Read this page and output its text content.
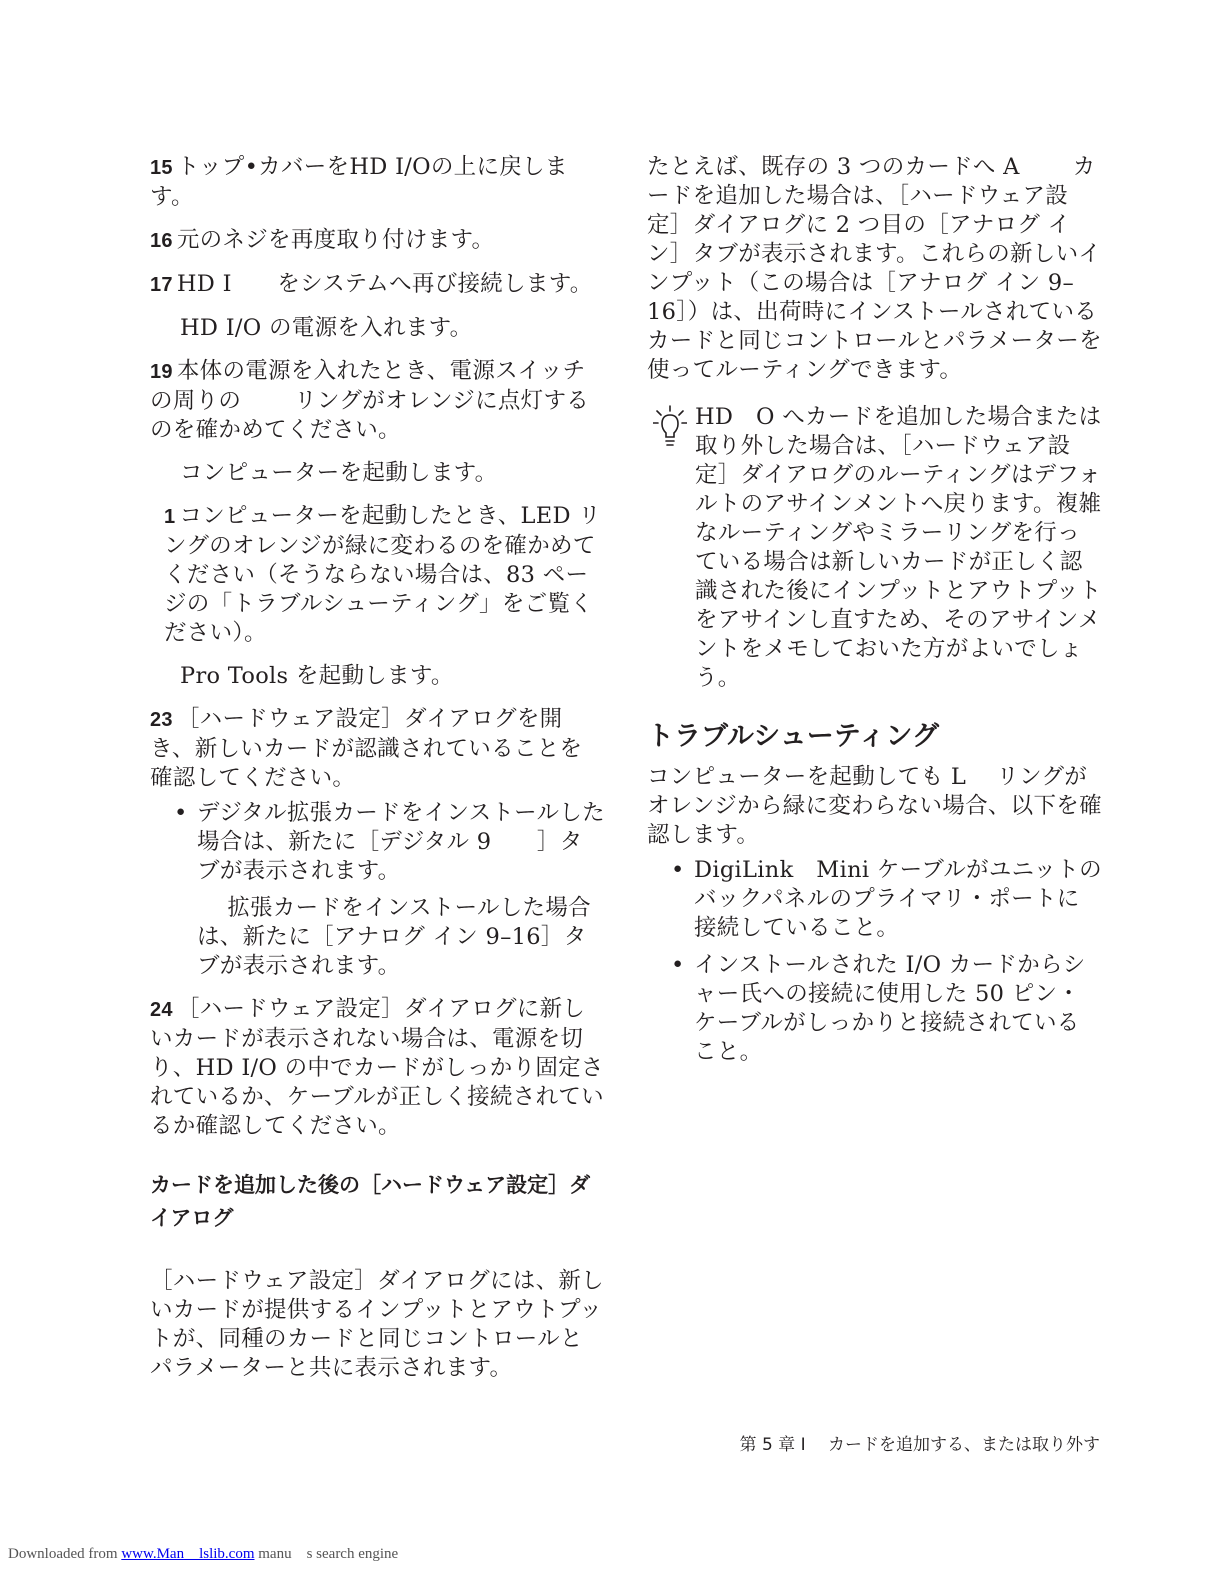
15 トップ•カバーをHD I/Oの上に戻します。

16 元のネジを再度取り付けます。

17 HD I　　をシステムへ再び接続します。

HD I/O の電源を入れます。

19 本体の電源を入れたとき、電源スイッチの周りの　　 リングがオレンジに点灯するのを確かめてください。

コンピューターを起動します。

1 コンピューターを起動したとき、LED リングのオレンジが緑に変わるのを確かめてください（そうならない場合は、83 ページの「トラブルシューティング」をご覧ください）。

Pro Tools を起動します。

23 ［ハードウェア設定］ダイアログを開き、新しいカードが認識されていることを確認してください。

• デジタル拡張カードをインストールした場合は、新たに［デジタル 9　　］タブが表示されます。
　 拡張カードをインストールした場合は、新たに［アナログ イン 9–16］タブが表示されます。

24 ［ハードウェア設定］ダイアログに新しいカードが表示されない場合は、電源を切り、HD I/O の中でカードがしっかり固定されているか、ケーブルが正しく接続されているか確認してください。

カードを追加した後の［ハードウェア設定］ダイアログ

［ハードウェア設定］ダイアログには、新しいカードが提供するインプットとアウトプットが、同種のカードと同じコントロールとパラメーターと共に表示されます。

たとえば、既存の 3 つのカードへ A　　 カードを追加した場合は、［ハードウェア設定］ダイアログに 2 つ目の［アナログ イン］タブが表示されます。これらの新しいインプット（この場合は［アナログ イン 9–16］）は、出荷時にインストールされているカードと同じコントロールとパラメーターを使ってルーティングできます。

HD　O へカードを追加した場合または取り外した場合は、［ハードウェア設定］ダイアログのルーティングはデフォルトのアサインメントへ戻ります。複雑なルーティングやミラーリングを行っている場合は新しいカードが正しく認識された後にインプットとアウトプットをアサインし直すため、そのアサインメントをメモしておいた方がよいでしょう。

トラブルシューティング

コンピューターを起動しても L　 リングがオレンジから緑に変わらない場合、以下を確認します。

• DigiLink　Mini ケーブルがユニットのバックパネルのプライマリ・ポートに接続していること。
• インストールされた I/O カードからシャー氏への接続に使用した 50 ピン・ケーブルがしっかりと接続されていること。
第 5 章 I　 カードを追加する、または取り外す
Downloaded from www.Man　lslib.com manu　s search engine
